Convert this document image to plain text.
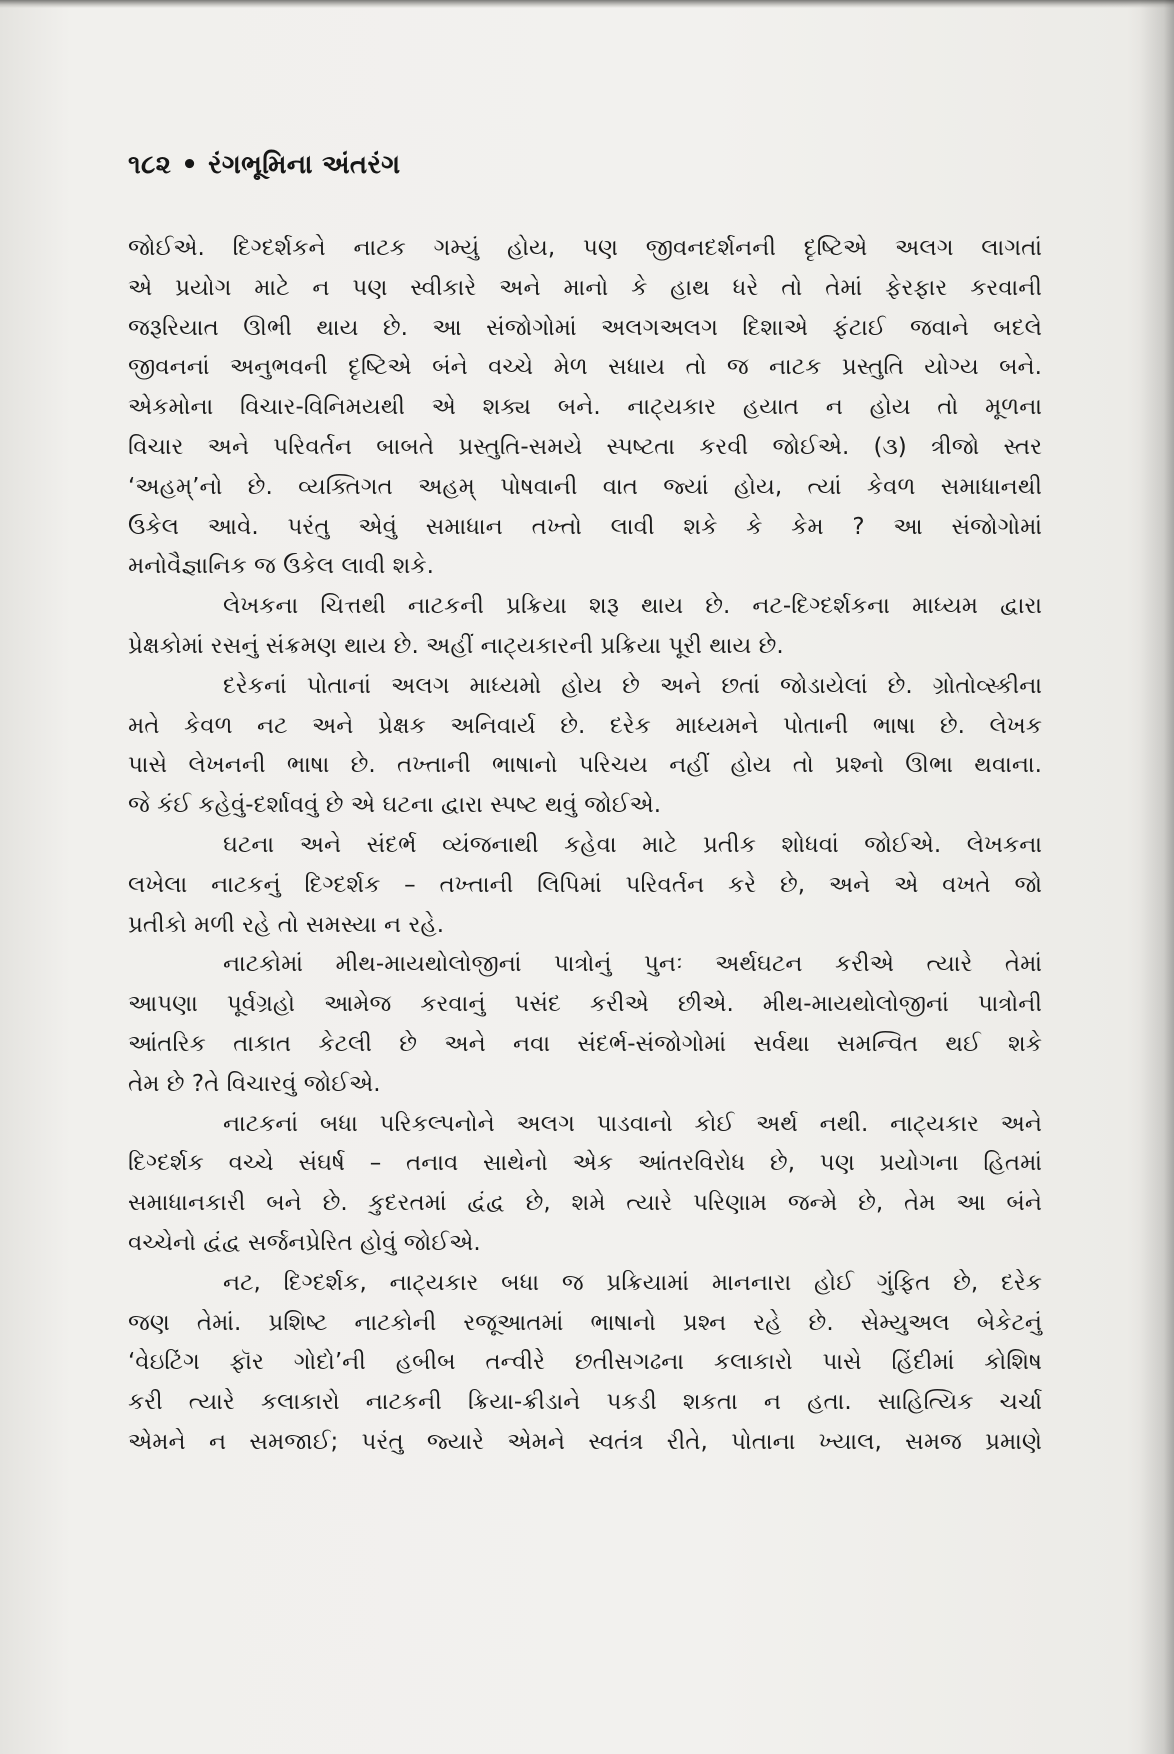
૧૮૨ • રંગભૂમિના અંતરંગ
જોઈએ. દિગ્દર્શકને નાટક ગમ્યું હોય, પણ જીવનદર્શનની દૃષ્ટિએ અલગ લાગતાં
એ પ્રયોગ માટે ન પણ સ્વીકારે અને માનો કે હાથ ધરે તો તેમાં ફેરફાર કરવાની
જરૂરિયાત ઊભી થાય છે. આ સંજોગોમાં અલગઅલગ દિશાએ ફંટાઈ જવાને બદલે
જીવનનાં અનુભવની દૃષ્ટિએ બંને વચ્ચે મેળ સધાય તો જ નાટક પ્રસ્તુતિ યોગ્ય બને.
એકમોના વિચાર-વિનિમયથી એ શક્ય બને. નાટ્યકાર હયાત ન હોય તો મૂળના
વિચાર અને પરિવર્તન બાબતે પ્રસ્તુતિ-સમયે સ્પષ્ટતા કરવી જોઈએ. (૩) ત્રીજો સ્તર
‘અહમ્’નો છે. વ્યક્તિગત અહમ્ પોષવાની વાત જ્યાં હોય, ત્યાં કેવળ સમાધાનથી
ઉકેલ આવે. પરંતુ એવું સમાધાન તખ્તો લાવી શકે કે કેમ ? આ સંજોગોમાં
મનોવૈજ્ઞાનિક જ ઉકેલ લાવી શકે.
લેખકના ચિત્તથી નાટકની પ્રક્રિયા શરૂ થાય છે. નટ-દિગ્દર્શકના માધ્યમ દ્વારા
પ્રેક્ષકોમાં રસનું સંક્રમણ થાય છે. અહીં નાટ્યકારની પ્રક્રિયા પૂરી થાય છે.
દરેકનાં પોતાનાં અલગ માધ્યમો હોય છે અને છતાં જોડાયેલાં છે. ગ્રોતોવ્સ્કીના
મતે કેવળ નટ અને પ્રેક્ષક અનિવાર્ય છે. દરેક માધ્યમને પોતાની ભાષા છે. લેખક
પાસે લેખનની ભાષા છે. તખ્તાની ભાષાનો પરિચય નહીં હોય તો પ્રશ્નો ઊભા થવાના.
જે કંઈ કહેવું-દર્શાવવું છે એ ઘટના દ્વારા સ્પષ્ટ થવું જોઈએ.
ઘટના અને સંદર્ભ વ્યંજનાથી કહેવા માટે પ્રતીક શોધવાં જોઈએ. લેખકના
લખેલા નાટકનું દિગ્દર્શક – તખ્તાની લિપિમાં પરિવર્તન કરે છે, અને એ વખતે જો
પ્રતીકો મળી રહે તો સમસ્યા ન રહે.
નાટકોમાં મીથ-માયથોલોજીનાં પાત્રોનું પુનઃ અર્થઘટન કરીએ ત્યારે તેમાં
આપણા પૂર્વગ્રહો આમેજ કરવાનું પસંદ કરીએ છીએ. મીથ-માયથોલોજીનાં પાત્રોની
આંતરિક તાકાત કેટલી છે અને નવા સંદર્ભ-સંજોગોમાં સર્વથા સમન્વિત થઈ શકે
તેમ છે ?તે વિચારવું જોઈએ.
નાટકનાં બધા પરિકલ્પનોને અલગ પાડવાનો કોઈ અર્થ નથી. નાટ્યકાર અને
દિગ્દર્શક વચ્ચે સંઘર્ષ – તનાવ સાથેનો એક આંતરવિરોધ છે, પણ પ્રયોગના હિતમાં
સમાધાનકારી બને છે. કુદરતમાં દ્વંદ્વ છે, શમે ત્યારે પરિણામ જન્મે છે, તેમ આ બંને
વચ્ચેનો દ્વંદ્વ સર્જનપ્રેરિત હોવું જોઈએ.
નટ, દિગ્દર્શક, નાટ્યકાર બધા જ પ્રક્રિયામાં માનનારા હોઈ ગુંફિત છે, દરેક
જણ તેમાં. પ્રશિષ્ટ નાટકોની રજૂઆતમાં ભાષાનો પ્રશ્ન રહે છે. સેમ્યુઅલ બેકેટનું
‘વેઇટિંગ ફૉર ગોદો’ની હબીબ તન્વીરે છતીસગઢના કલાકારો પાસે હિંદીમાં કોશિષ
કરી ત્યારે કલાકારો નાટકની ક્રિયા-ક્રીડાને પકડી શકતા ન હતા. સાહિત્યિક ચર્ચા
એમને ન સમજાઈ; પરંતુ જ્યારે એમને સ્વતંત્ર રીતે, પોતાના ખ્યાલ, સમજ પ્રમાણે
